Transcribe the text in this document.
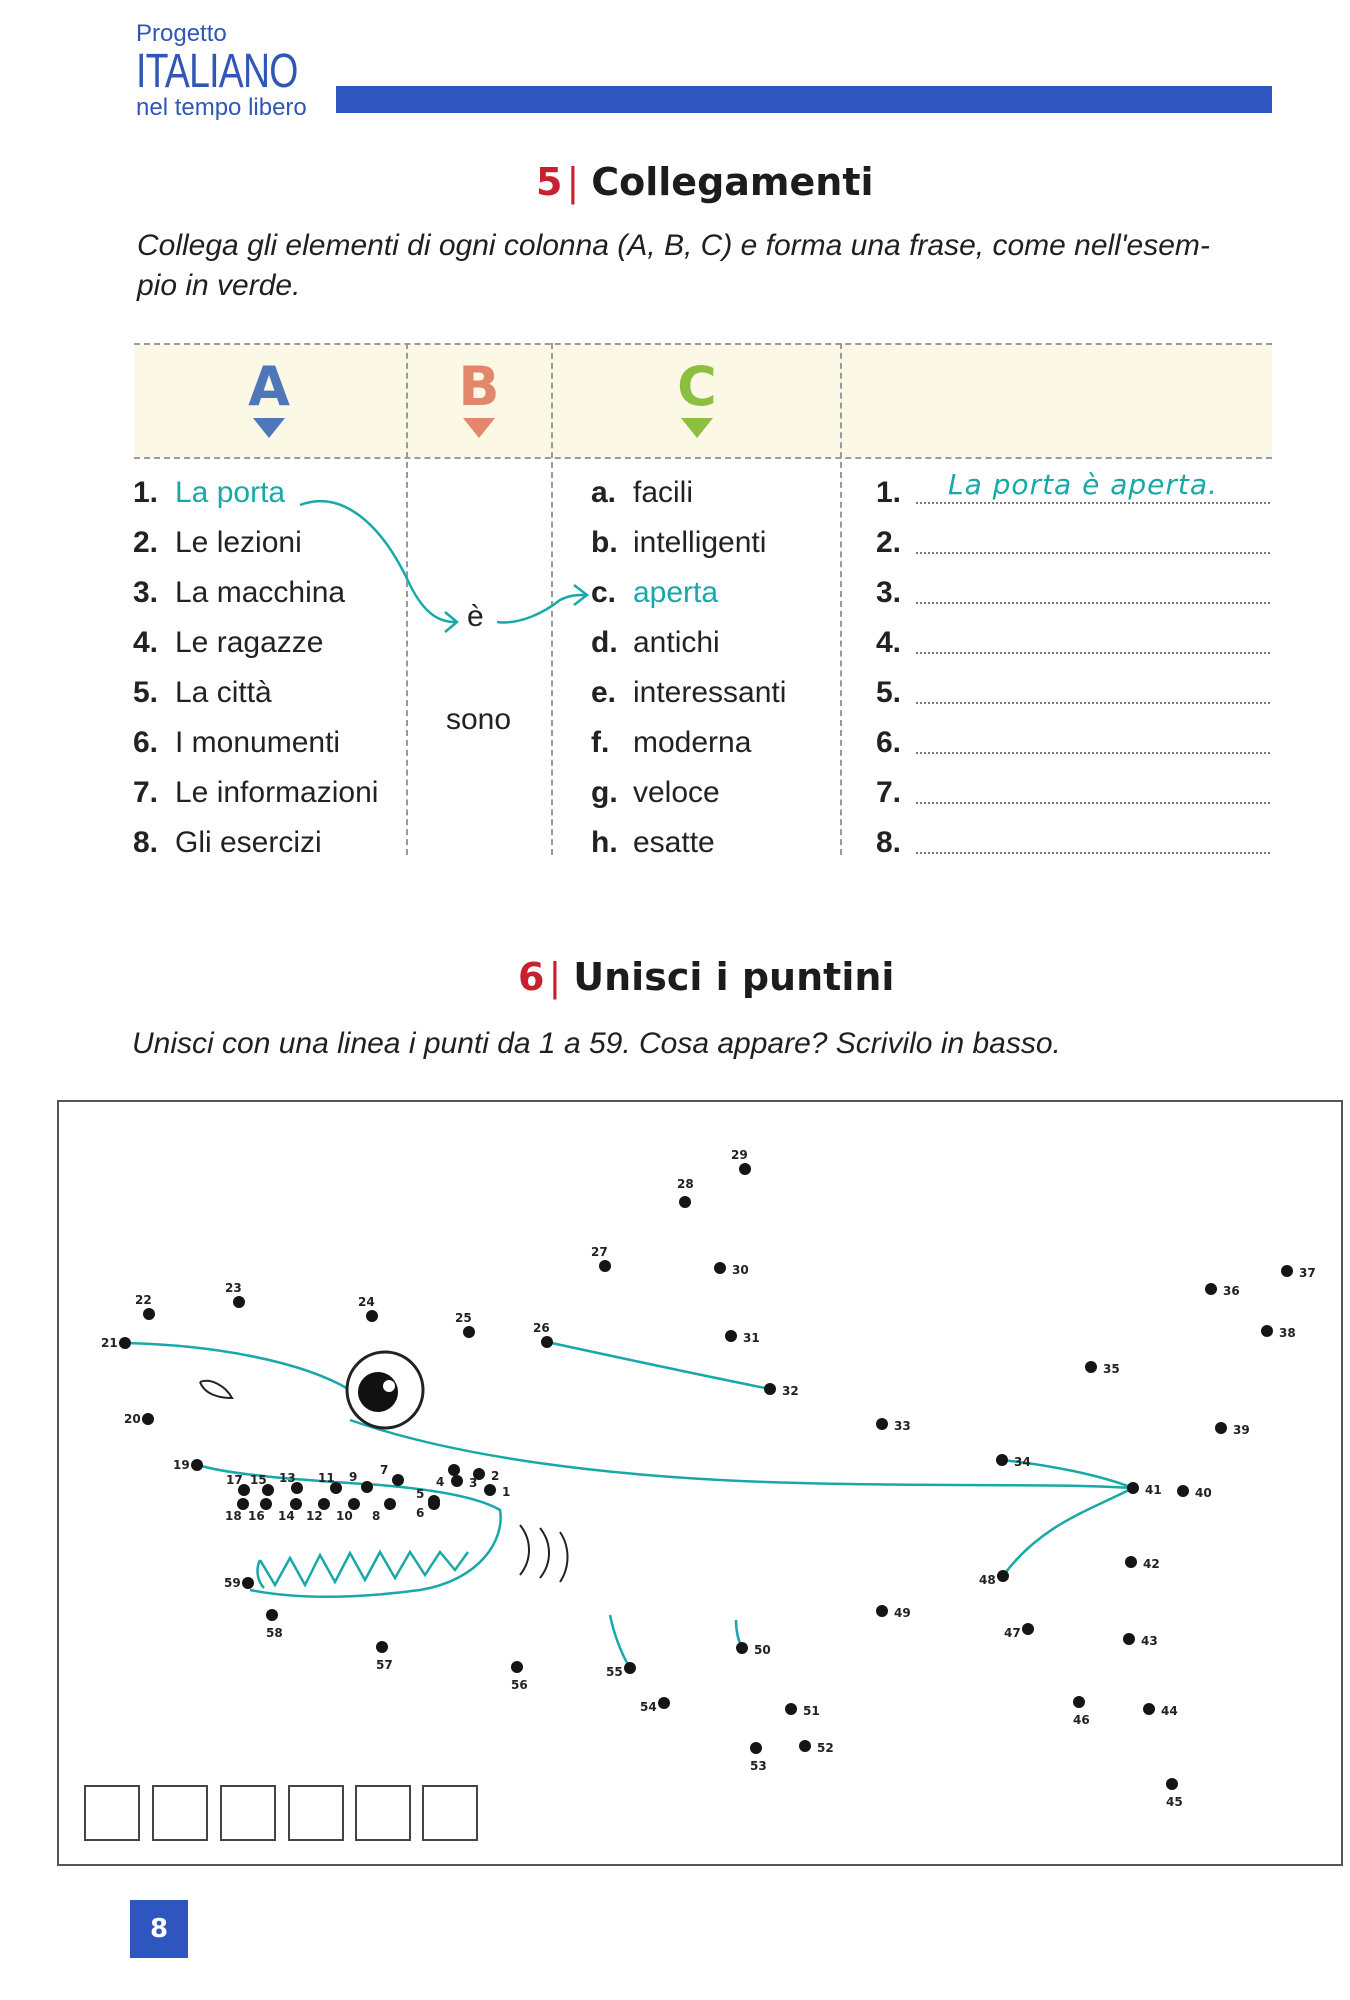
Progetto
ITALIANO
nel tempo libero
5 | Collegamenti
Collega gli elementi di ogni colonna (A, B, C) e forma una frase, come nell'esem-
pio in verde.
A	B	C
1. La porta
2. Le lezioni
3. La macchina
4. Le ragazze
5. La città
6. I monumenti
7. Le informazioni
8. Gli esercizi
è
sono
a. facili
b. intelligenti
c. aperta
d. antichi
e. interessanti
f. moderna
g. veloce
h. esatte
1.
2.
3.
4.
5.
6.
7.
8.
La porta è aperta.
6 | Unisci i puntini
Unisci con una linea i punti da 1 a 59. Cosa appare? Scrivilo in basso.
1
2
3
4
5
6
7
8
9
10
11
12
13
14
15
16
17
18
19
20
21
22
23
24
25
26
27
28
29
30
31
32
33
34
35
36
37
38
39
40
41
42
43
44
45
46
47
48
49
50
51
52
53
54
55
56
57
58
59
8
